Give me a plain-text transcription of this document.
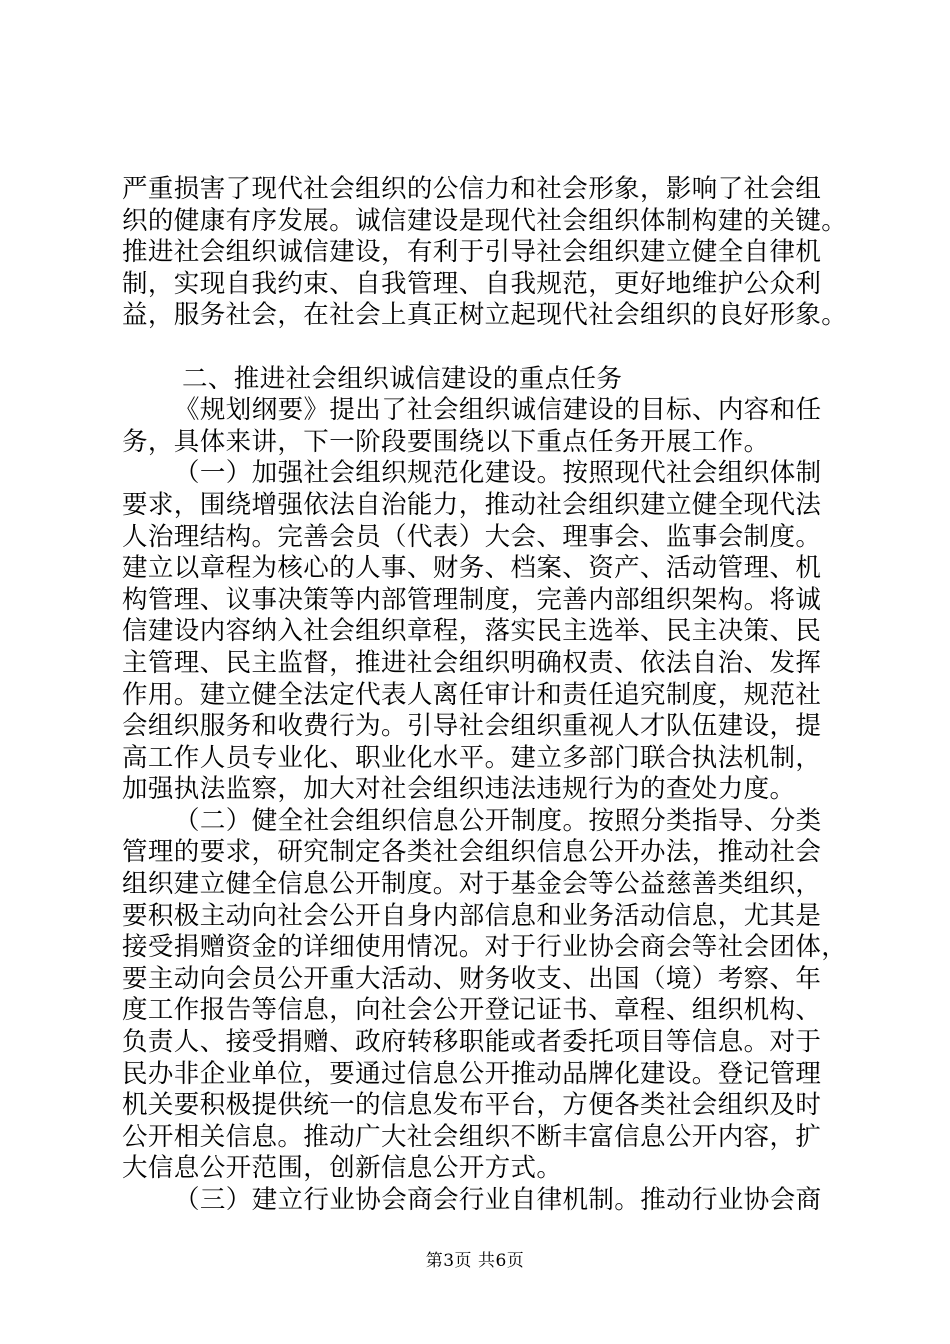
严重损害了现代社会组织的公信力和社会形象，影响了社会组
织的健康有序发展。诚信建设是现代社会组织体制构建的关键。
推进社会组织诚信建设，有利于引导社会组织建立健全自律机
制，实现自我约束、自我管理、自我规范，更好地维护公众利
益，服务社会，在社会上真正树立起现代社会组织的良好形象。
二、推进社会组织诚信建设的重点任务
《规划纲要》提出了社会组织诚信建设的目标、内容和任
务，具体来讲，下一阶段要围绕以下重点任务开展工作。
（一）加强社会组织规范化建设。按照现代社会组织体制
要求，围绕增强依法自治能力，推动社会组织建立健全现代法
人治理结构。完善会员（代表）大会、理事会、监事会制度。
建立以章程为核心的人事、财务、档案、资产、活动管理、机
构管理、议事决策等内部管理制度，完善内部组织架构。将诚
信建设内容纳入社会组织章程，落实民主选举、民主决策、民
主管理、民主监督，推进社会组织明确权责、依法自治、发挥
作用。建立健全法定代表人离任审计和责任追究制度，规范社
会组织服务和收费行为。引导社会组织重视人才队伍建设，提
高工作人员专业化、职业化水平。建立多部门联合执法机制，
加强执法监察，加大对社会组织违法违规行为的查处力度。
（二）健全社会组织信息公开制度。按照分类指导、分类
管理的要求，研究制定各类社会组织信息公开办法，推动社会
组织建立健全信息公开制度。对于基金会等公益慈善类组织，
要积极主动向社会公开自身内部信息和业务活动信息，尤其是
接受捐赠资金的详细使用情况。对于行业协会商会等社会团体，
要主动向会员公开重大活动、财务收支、出国（境）考察、年
度工作报告等信息，向社会公开登记证书、章程、组织机构、
负责人、接受捐赠、政府转移职能或者委托项目等信息。对于
民办非企业单位，要通过信息公开推动品牌化建设。登记管理
机关要积极提供统一的信息发布平台，方便各类社会组织及时
公开相关信息。推动广大社会组织不断丰富信息公开内容，扩
大信息公开范围，创新信息公开方式。
（三）建立行业协会商会行业自律机制。推动行业协会商
第3页 共6页
